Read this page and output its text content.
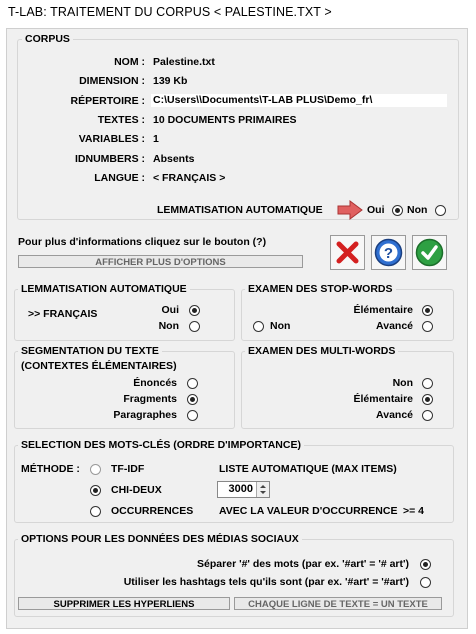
T-LAB: TRAITEMENT DU CORPUS < PALESTINE.TXT >
CORPUS
NOM : Palestine.txt
DIMENSION : 139 Kb
RÉPERTOIRE : C:\Users\\Documents\T-LAB PLUS\Demo_fr\
TEXTES : 10 DOCUMENTS PRIMAIRES
VARIABLES : 1
IDNUMBERS : Absents
LANGUE : < FRANÇAIS >
LEMMATISATION AUTOMATIQUE	Oui Non
Pour plus d'informations cliquez sur le bouton (?)
AFFICHER PLUS D'OPTIONS
?
LEMMATISATION AUTOMATIQUE
>> FRANÇAIS	Oui
Non
EXAMEN DES STOP-WORDS
Élémentaire
Non	Avancé
SEGMENTATION DU TEXTE
(CONTEXTES ÉLÉMENTAIRES)
Énoncés
Fragments
Paragraphes
EXAMEN DES MULTI-WORDS
Non
Élémentaire
Avancé
SELECTION DES MOTS-CLÉS (ORDRE D'IMPORTANCE)
MÉTHODE :	TF-IDF
CHI-DEUX
OCCURRENCES
LISTE AUTOMATIQUE (MAX ITEMS)
3000
AVEC LA VALEUR D'OCCURRENCE >= 4
OPTIONS POUR LES DONNÉES DES MÉDIAS SOCIAUX
Séparer '#' des mots (par ex. '#art' = '# art')
Utiliser les hashtags tels qu'ils sont (par ex. '#art' = '#art')
SUPPRIMER LES HYPERLIENS	CHAQUE LIGNE DE TEXTE = UN TEXTE
